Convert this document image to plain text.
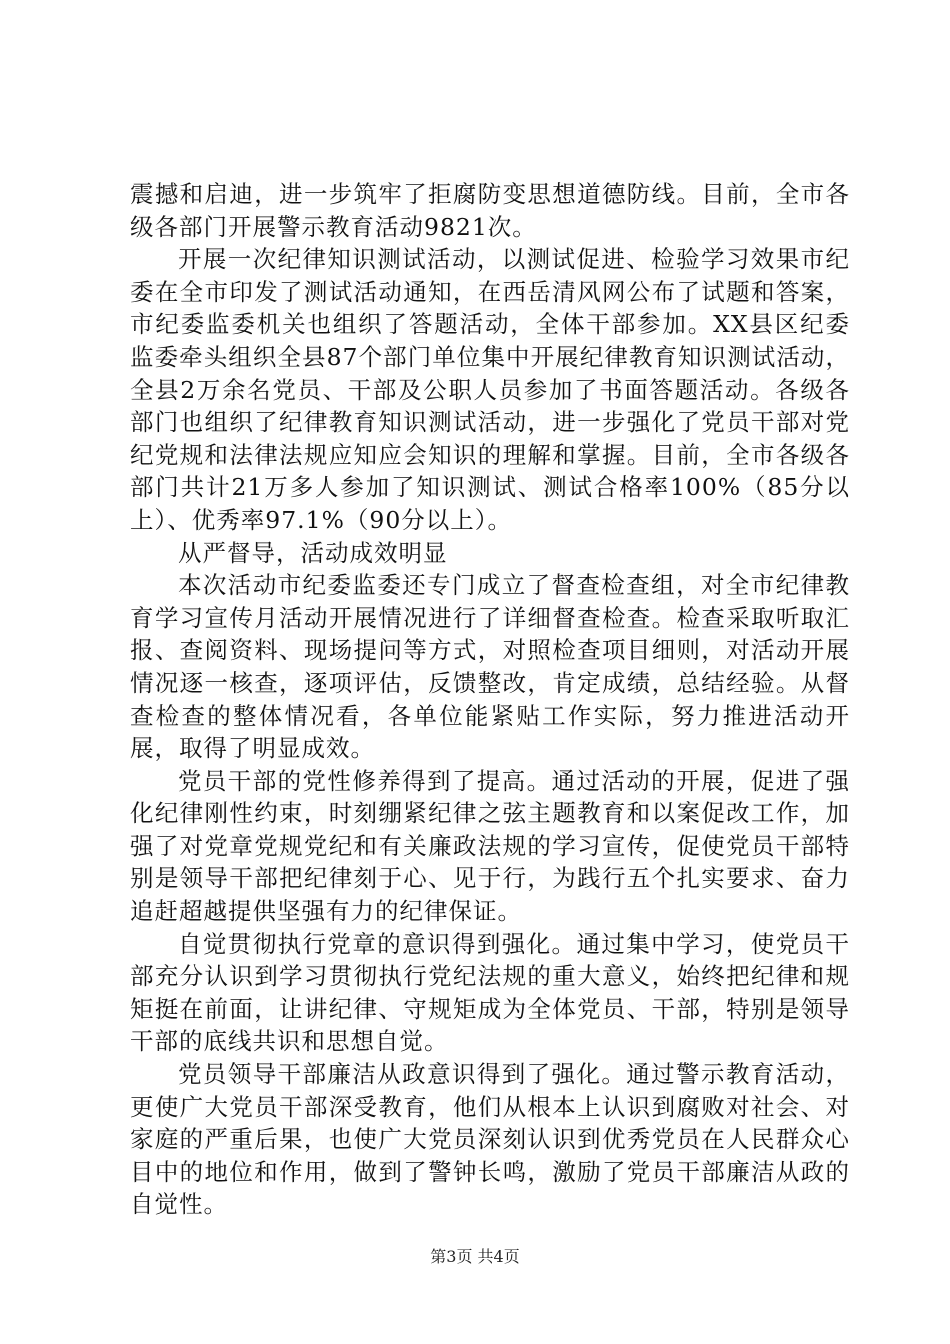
震撼和启迪，进一步筑牢了拒腐防变思想道德防线。目前，全市各级各部门开展警示教育活动9821次。

开展一次纪律知识测试活动，以测试促进、检验学习效果市纪委在全市印发了测试活动通知，在西岳清风网公布了试题和答案，市纪委监委机关也组织了答题活动，全体干部参加。XX县区纪委监委牵头组织全县87个部门单位集中开展纪律教育知识测试活动，全县2万余名党员、干部及公职人员参加了书面答题活动。各级各部门也组织了纪律教育知识测试活动，进一步强化了党员干部对党纪党规和法律法规应知应会知识的理解和掌握。目前，全市各级各部门共计21万多人参加了知识测试、测试合格率100%（85分以上）、优秀率97.1%（90分以上）。

从严督导，活动成效明显

本次活动市纪委监委还专门成立了督查检查组，对全市纪律教育学习宣传月活动开展情况进行了详细督查检查。检查采取听取汇报、查阅资料、现场提问等方式，对照检查项目细则，对活动开展情况逐一核查，逐项评估，反馈整改，肯定成绩，总结经验。从督查检查的整体情况看，各单位能紧贴工作实际，努力推进活动开展，取得了明显成效。

党员干部的党性修养得到了提高。通过活动的开展，促进了强化纪律刚性约束，时刻绷紧纪律之弦主题教育和以案促改工作，加强了对党章党规党纪和有关廉政法规的学习宣传，促使党员干部特别是领导干部把纪律刻于心、见于行，为践行五个扎实要求、奋力追赶超越提供坚强有力的纪律保证。

自觉贯彻执行党章的意识得到强化。通过集中学习，使党员干部充分认识到学习贯彻执行党纪法规的重大意义，始终把纪律和规矩挺在前面，让讲纪律、守规矩成为全体党员、干部，特别是领导干部的底线共识和思想自觉。

党员领导干部廉洁从政意识得到了强化。通过警示教育活动，更使广大党员干部深受教育，他们从根本上认识到腐败对社会、对家庭的严重后果，也使广大党员深刻认识到优秀党员在人民群众心目中的地位和作用，做到了警钟长鸣，激励了党员干部廉洁从政的自觉性。

第3页 共4页
